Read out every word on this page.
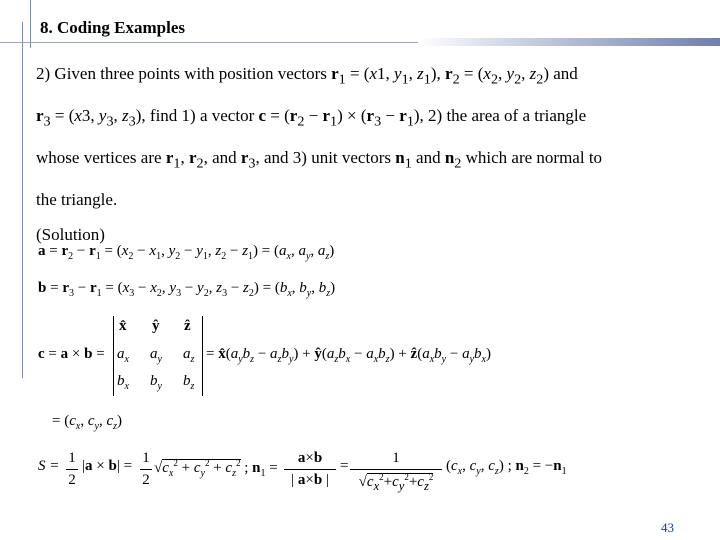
8. Coding Examples
2) Given three points with position vectors $r_1 = (x1$, $y_1$, $z_1$), $r_2 = (x_2$, $y_2$, $z_2$) and
$r_3 = (x3$, $y_3$, $z_3$), find 1) a vector $c = (r_2 - r_1) \times (r_3 - r_1)$, 2) the area of a triangle
whose vertices are $r_1$, $r_2$, and $r_3$, and 3) unit vectors $n_1$ and $n_2$ which are normal to
the triangle.
(Solution)
$a = r_2 - r_1 = (x_2 - x_1$, $y_2 - y_1$, $z_2 - z_1) = (a_x$, $a_y$, $a_z$)
$b = r_3 - r_1 = (x_3 - x_2$, $y_3 - y_2$, $z_3 - z_2) = (b_x$, $b_y$, $b_z$)
c = a × b =
x̂ ŷ ẑ
$a_x$ $a_y$ $a_z$
$b_x$ $b_y$ $b_z$
= $x̂(a_yb_z - a_zb_y)$ + $ŷ(a_zb_x - a_xb_z)$ + $ẑ(a_xb_y - a_yb_x)$
= ($c_x$, $c_y$, $c_z$)
S = 1
2
|a × b| = 1
2
$√c_x^2 + c_y^2 + c_z^2$ ; $n_1$ =
a×b
| a×b |
=	1
$√c_x^2+c_y^2+c_z^2$
($c_x$, $c_y$, $c_z$) ; $n_2 = -n_1$
43
